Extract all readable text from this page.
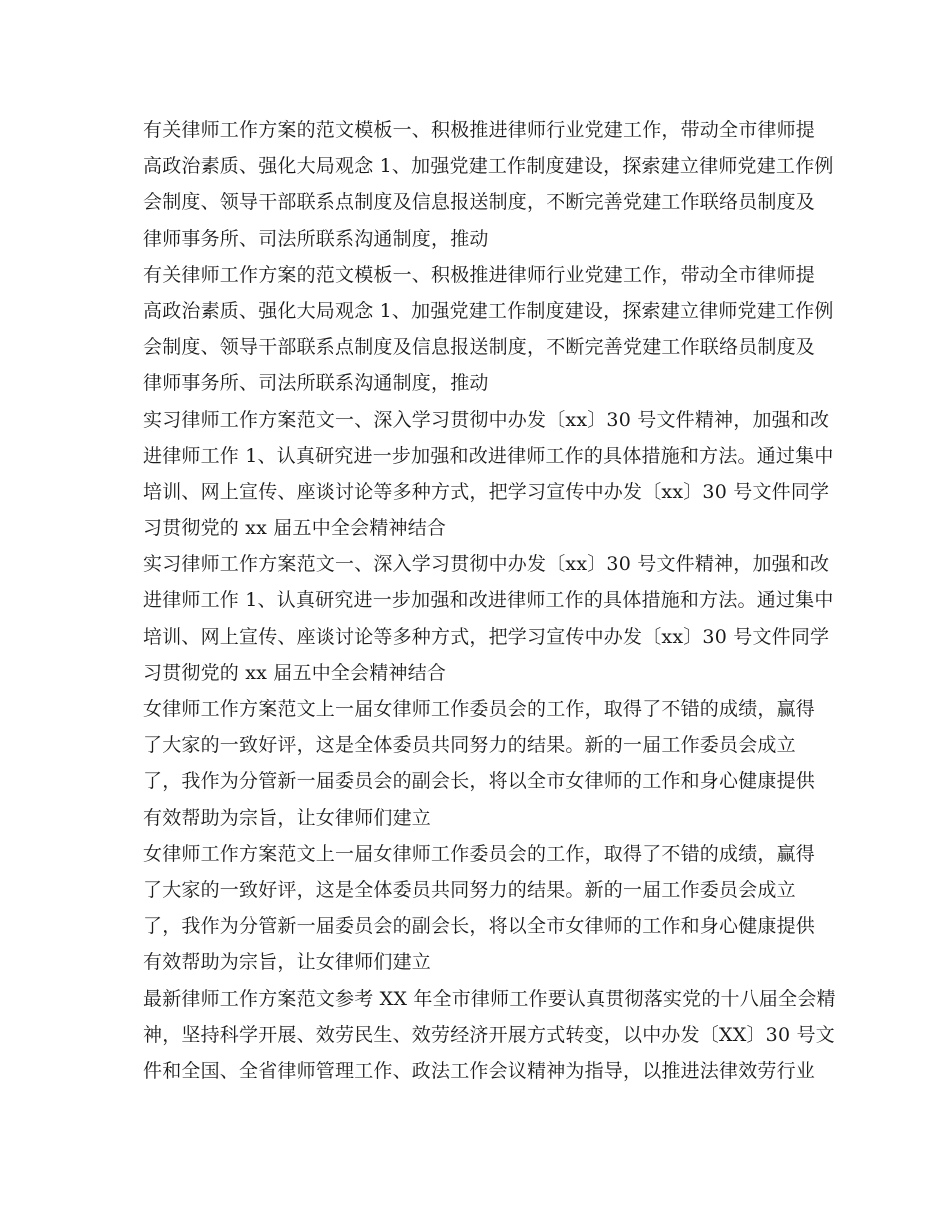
有关律师工作方案的范文模板一、积极推进律师行业党建工作，带动全市律师提
高政治素质、强化大局观念 1、加强党建工作制度建设，探索建立律师党建工作例
会制度、领导干部联系点制度及信息报送制度，不断完善党建工作联络员制度及
律师事务所、司法所联系沟通制度，推动
有关律师工作方案的范文模板一、积极推进律师行业党建工作，带动全市律师提
高政治素质、强化大局观念 1、加强党建工作制度建设，探索建立律师党建工作例
会制度、领导干部联系点制度及信息报送制度，不断完善党建工作联络员制度及
律师事务所、司法所联系沟通制度，推动
实习律师工作方案范文一、深入学习贯彻中办发〔xx〕30 号文件精神，加强和改
进律师工作 1、认真研究进一步加强和改进律师工作的具体措施和方法。通过集中
培训、网上宣传、座谈讨论等多种方式，把学习宣传中办发〔xx〕30 号文件同学
习贯彻党的 xx 届五中全会精神结合
实习律师工作方案范文一、深入学习贯彻中办发〔xx〕30 号文件精神，加强和改
进律师工作 1、认真研究进一步加强和改进律师工作的具体措施和方法。通过集中
培训、网上宣传、座谈讨论等多种方式，把学习宣传中办发〔xx〕30 号文件同学
习贯彻党的 xx 届五中全会精神结合
女律师工作方案范文上一届女律师工作委员会的工作，取得了不错的成绩，赢得
了大家的一致好评，这是全体委员共同努力的结果。新的一届工作委员会成立
了，我作为分管新一届委员会的副会长，将以全市女律师的工作和身心健康提供
有效帮助为宗旨，让女律师们建立
女律师工作方案范文上一届女律师工作委员会的工作，取得了不错的成绩，赢得
了大家的一致好评，这是全体委员共同努力的结果。新的一届工作委员会成立
了，我作为分管新一届委员会的副会长，将以全市女律师的工作和身心健康提供
有效帮助为宗旨，让女律师们建立
最新律师工作方案范文参考 XX 年全市律师工作要认真贯彻落实党的十八届全会精
神，坚持科学开展、效劳民生、效劳经济开展方式转变，以中办发〔XX〕30 号文
件和全国、全省律师管理工作、政法工作会议精神为指导，以推进法律效劳行业
